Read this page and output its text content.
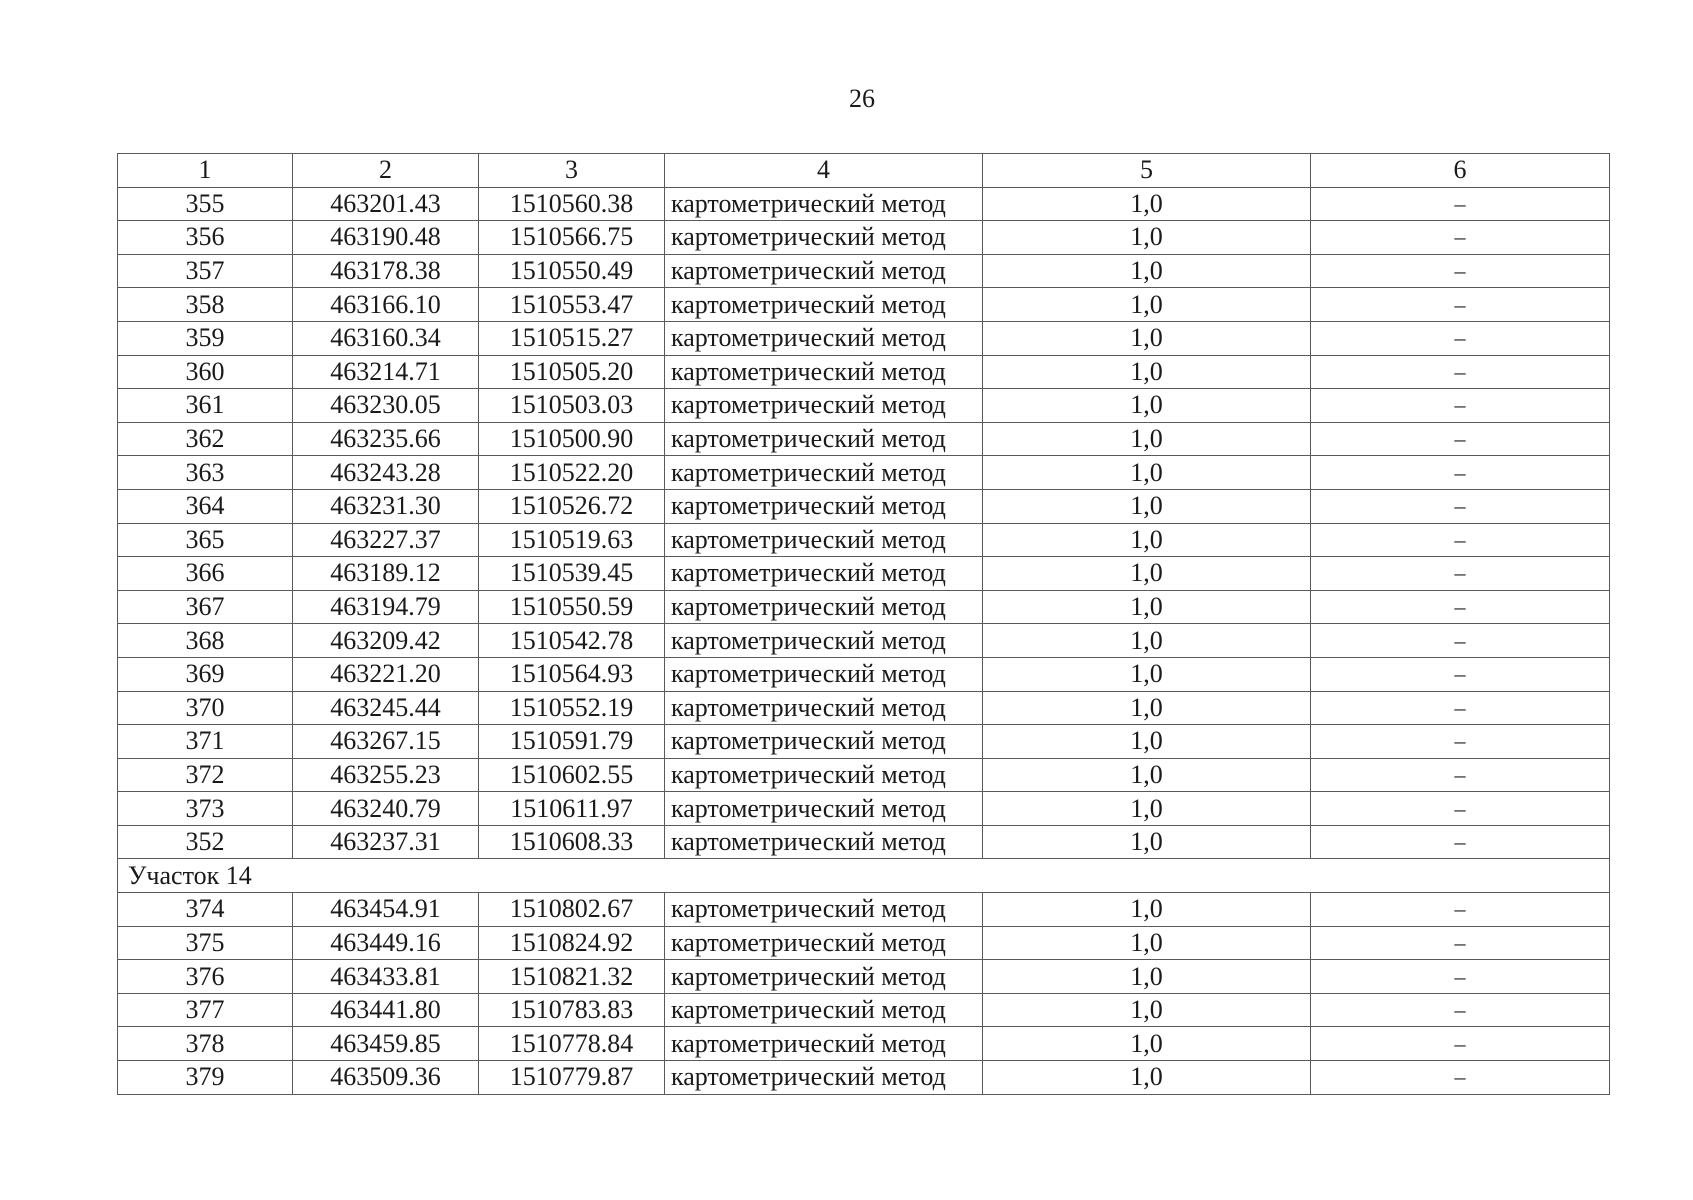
26
1	2	3	4	5	6
355	463201.43	1510560.38	картометрический метод	1,0	–
356	463190.48	1510566.75	картометрический метод	1,0	–
357	463178.38	1510550.49	картометрический метод	1,0	–
358	463166.10	1510553.47	картометрический метод	1,0	–
359	463160.34	1510515.27	картометрический метод	1,0	–
360	463214.71	1510505.20	картометрический метод	1,0	–
361	463230.05	1510503.03	картометрический метод	1,0	–
362	463235.66	1510500.90	картометрический метод	1,0	–
363	463243.28	1510522.20	картометрический метод	1,0	–
364	463231.30	1510526.72	картометрический метод	1,0	–
365	463227.37	1510519.63	картометрический метод	1,0	–
366	463189.12	1510539.45	картометрический метод	1,0	–
367	463194.79	1510550.59	картометрический метод	1,0	–
368	463209.42	1510542.78	картометрический метод	1,0	–
369	463221.20	1510564.93	картометрический метод	1,0	–
370	463245.44	1510552.19	картометрический метод	1,0	–
371	463267.15	1510591.79	картометрический метод	1,0	–
372	463255.23	1510602.55	картометрический метод	1,0	–
373	463240.79	1510611.97	картометрический метод	1,0	–
352	463237.31	1510608.33	картометрический метод	1,0	–
Участок 14					
374	463454.91	1510802.67	картометрический метод	1,0	–
375	463449.16	1510824.92	картометрический метод	1,0	–
376	463433.81	1510821.32	картометрический метод	1,0	–
377	463441.80	1510783.83	картометрический метод	1,0	–
378	463459.85	1510778.84	картометрический метод	1,0	–
379	463509.36	1510779.87	картометрический метод	1,0	–
